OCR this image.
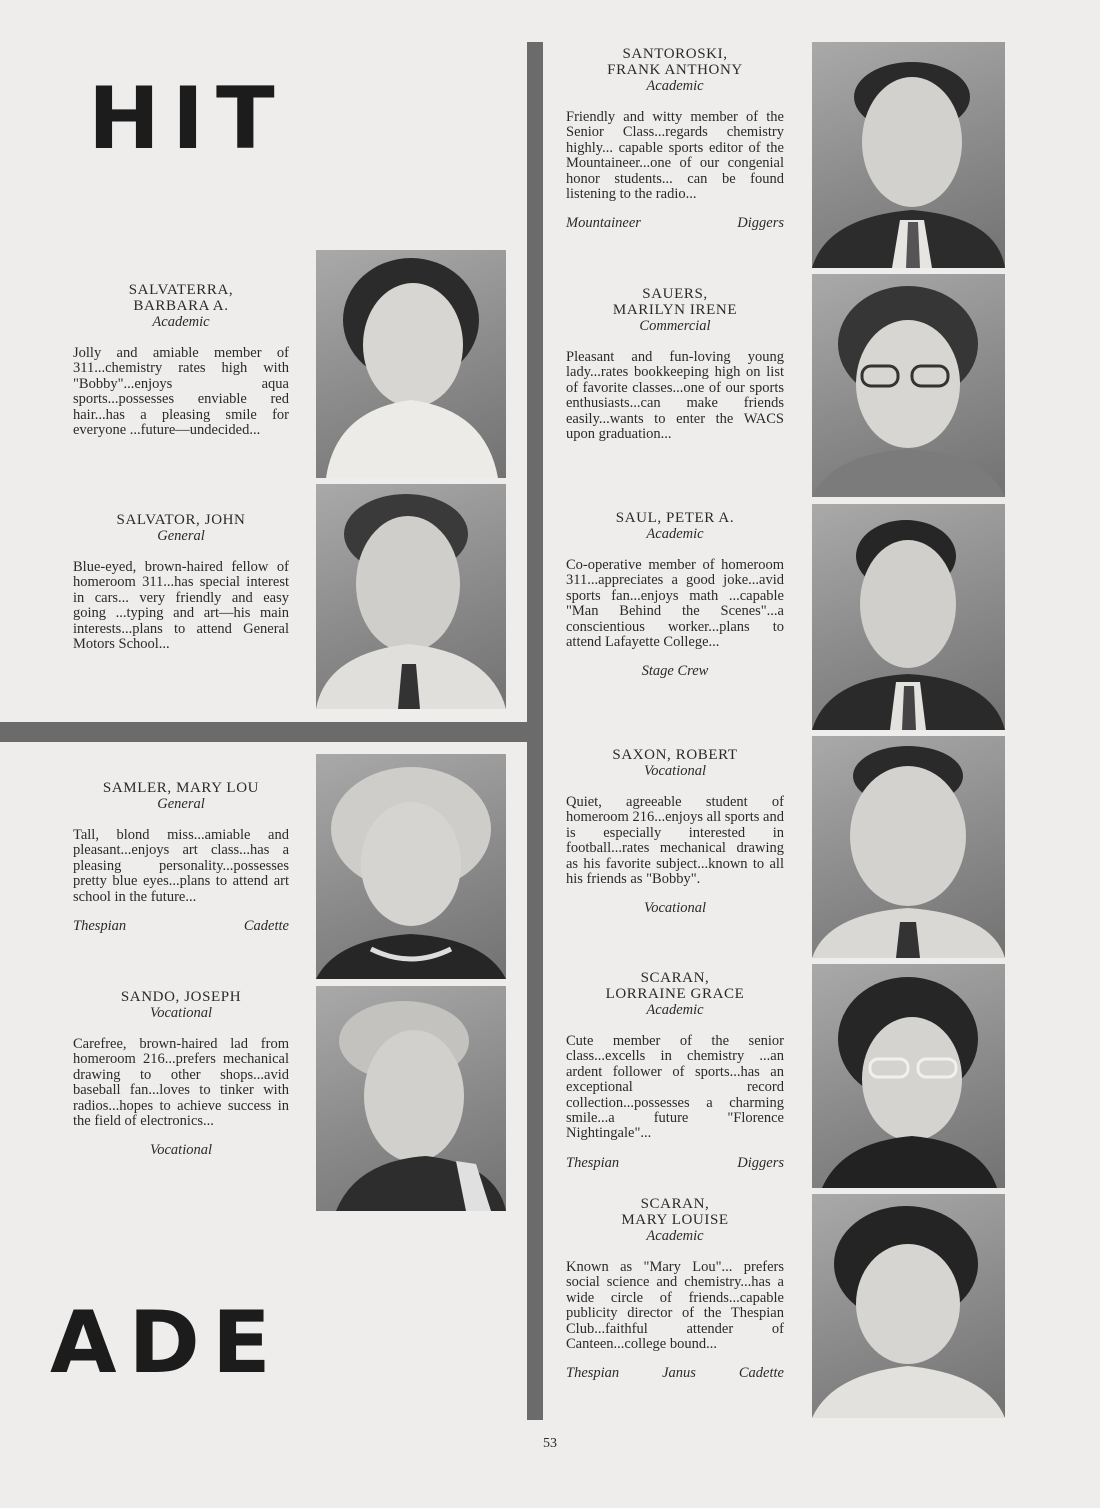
HIT
ADE
SALVATERRA,
BARBARA A.
Academic
Jolly and amiable member of 311...chemistry rates high with "Bobby"...enjoys aqua sports...possesses enviable red hair...has a pleasing smile for everyone ...future—undecided...
SALVATOR, JOHN
General
Blue-eyed, brown-haired fellow of homeroom 311...has special interest in cars... very friendly and easy going ...typing and art—his main interests...plans to attend General Motors School...
SAMLER, MARY LOU
General
Tall, blond miss...amiable and pleasant...enjoys art class...has a pleasing personality...possesses pretty blue eyes...plans to attend art school in the future...
Thespian	Cadette
SANDO, JOSEPH
Vocational
Carefree, brown-haired lad from homeroom 216...prefers mechanical drawing to other shops...avid baseball fan...loves to tinker with radios...hopes to achieve success in the field of electronics...
Vocational
SANTOROSKI,
FRANK ANTHONY
Academic
Friendly and witty member of the Senior Class...regards chemistry highly... capable sports editor of the Mountaineer...one of our congenial honor students... can be found listening to the radio...
Mountaineer	Diggers
SAUERS,
MARILYN IRENE
Commercial
Pleasant and fun-loving young lady...rates bookkeeping high on list of favorite classes...one of our sports enthusiasts...can make friends easily...wants to enter the WACS upon graduation...
SAUL, PETER A.
Academic
Co-operative member of homeroom 311...appreciates a good joke...avid sports fan...enjoys math ...capable "Man Behind the Scenes"...a conscientious worker...plans to attend Lafayette College...
Stage Crew
SAXON, ROBERT
Vocational
Quiet, agreeable student of homeroom 216...enjoys all sports and is especially interested in football...rates mechanical drawing as his favorite subject...known to all his friends as "Bobby".
Vocational
SCARAN,
LORRAINE GRACE
Academic
Cute member of the senior class...excells in chemistry ...an ardent follower of sports...has an exceptional record collection...possesses a charming smile...a future "Florence Nightingale"...
Thespian	Diggers
SCARAN,
MARY LOUISE
Academic
Known as "Mary Lou"... prefers social science and chemistry...has a wide circle of friends...capable publicity director of the Thespian Club...faithful attender of Canteen...college bound...
Thespian	Janus	Cadette
53
